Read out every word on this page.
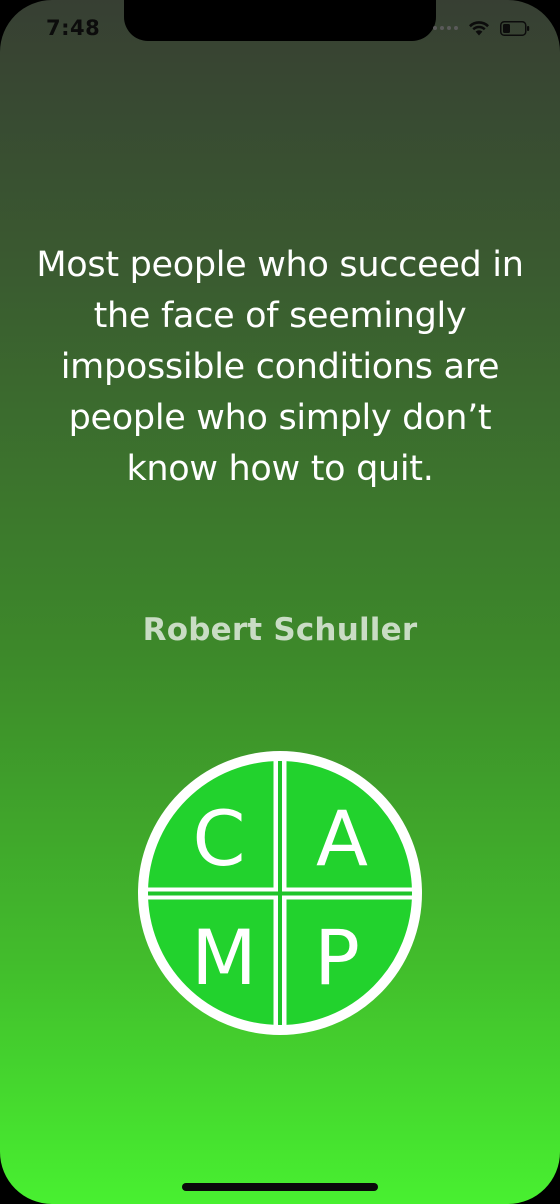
7:48
Most people who succeed in the face of seemingly impossible conditions are people who simply don’t know how to quit.
Robert Schuller
C A
M P
